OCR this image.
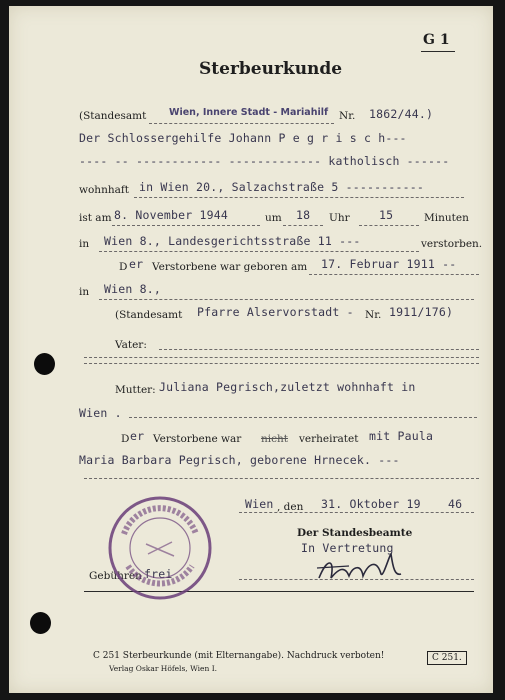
G 1
Sterbeurkunde
(Standesamt Wien, Innere Stadt - Mariahilf Nr. 1862/44.)
Der Schlossergehilfe Johann P e g r i s c h---
---- -- ------------ ------------- katholisch ------
wohnhaft in Wien 20., Salzachstraße 5 -----------
ist am 8. November 1944	um 18 Uhr	15	Minuten
in Wien 8., Landesgerichtsstraße 11 ---	verstorben.
D er Verstorbene war geboren am 17. Februar 1911 --
in Wien 8.,
(Standesamt Pfarre Alservorstadt - Nr. 1911/176)
Vater:
Mutter: Juliana Pegrisch,zuletzt wohnhaft in
Wien .
D er Verstorbene war nicht verheiratet mit Paula
Maria Barbara Pegrisch, geborene Hrnecek. ---
Wien , den 31. Oktober 19 46
Der Standesbeamte
In Vertretung
Gebühren frei
C 251 Sterbeurkunde (mit Elternangabe). Nachdruck verboten!
Verlag Oskar Höfels, Wien I.
C 251.
